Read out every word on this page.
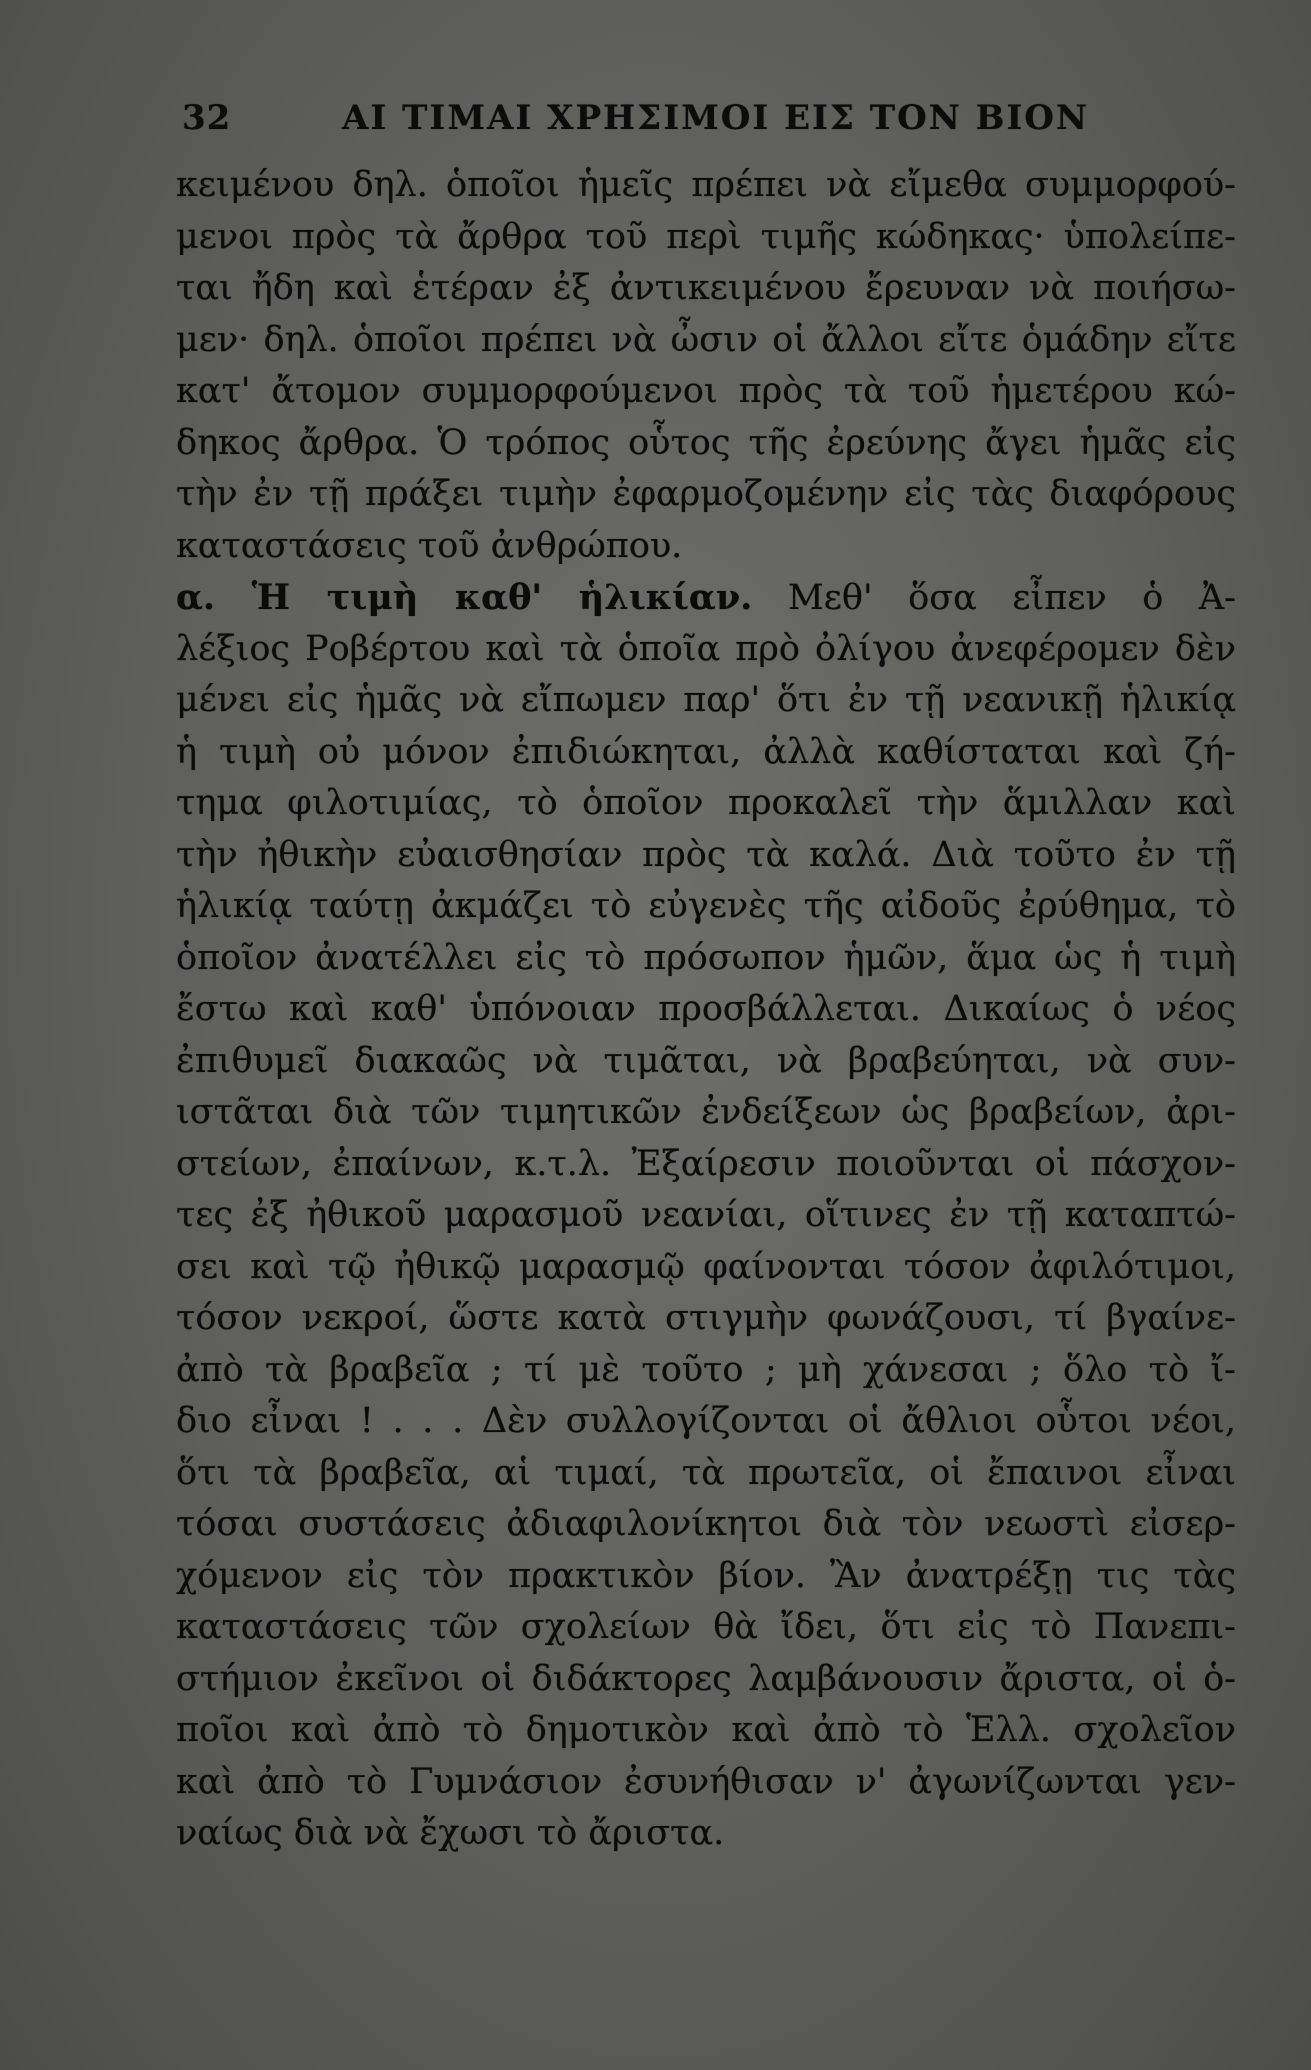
32	ΑΙ ΤΙΜΑΙ ΧΡΗΣΙΜΟΙ ΕΙΣ ΤΟΝ ΒΙΟΝ
κειμένου δηλ. ὁποῖοι ἡμεῖς πρέπει νὰ εἴμεθα συμμορφού-
μενοι πρὸς τὰ ἄρθρα τοῦ περὶ τιμῆς κώδηκας· ὑπολείπε-
ται ἤδη καὶ ἑτέραν ἐξ ἀντικειμένου ἔρευναν νὰ ποιήσω-
μεν· δηλ. ὁποῖοι πρέπει νὰ ὦσιν οἱ ἄλλοι εἴτε ὁμάδην εἴτε
κατ' ἄτομον συμμορφούμενοι πρὸς τὰ τοῦ ἡμετέρου κώ-
δηκος ἄρθρα. Ὁ τρόπος οὗτος τῆς ἐρεύνης ἄγει ἡμᾶς εἰς
τὴν ἐν τῇ πράξει τιμὴν ἐφαρμοζομένην εἰς τὰς διαφόρους
καταστάσεις τοῦ ἀνθρώπου.
α. Ἡ τιμὴ καθ' ἡλικίαν. Μεθ' ὅσα εἶπεν ὁ Ἀ-
λέξιος Ροβέρτου καὶ τὰ ὁποῖα πρὸ ὀλίγου ἀνεφέρομεν δὲν
μένει εἰς ἡμᾶς νὰ εἴπωμεν παρ' ὅτι ἐν τῇ νεανικῇ ἡλικίᾳ
ἡ τιμὴ οὐ μόνον ἐπιδιώκηται, ἀλλὰ καθίσταται καὶ ζή-
τημα φιλοτιμίας, τὸ ὁποῖον προκαλεῖ τὴν ἅμιλλαν καὶ
τὴν ἠθικὴν εὐαισθησίαν πρὸς τὰ καλά. Διὰ τοῦτο ἐν τῇ
ἡλικίᾳ ταύτῃ ἀκμάζει τὸ εὐγενὲς τῆς αἰδοῦς ἐρύθημα, τὸ
ὁποῖον ἀνατέλλει εἰς τὸ πρόσωπον ἡμῶν, ἅμα ὡς ἡ τιμὴ
ἔστω καὶ καθ' ὑπόνοιαν προσβάλλεται. Δικαίως ὁ νέος
ἐπιθυμεῖ διακαῶς νὰ τιμᾶται, νὰ βραβεύηται, νὰ συν-
ιστᾶται διὰ τῶν τιμητικῶν ἐνδείξεων ὡς βραβείων, ἀρι-
στείων, ἐπαίνων, κ.τ.λ. Ἐξαίρεσιν ποιοῦνται οἱ πάσχον-
τες ἐξ ἠθικοῦ μαρασμοῦ νεανίαι, οἵτινες ἐν τῇ καταπτώ-
σει καὶ τῷ ἠθικῷ μαρασμῷ φαίνονται τόσον ἀφιλότιμοι,
τόσον νεκροί, ὥστε κατὰ στιγμὴν φωνάζουσι, τί βγαίνε-
ἀπὸ τὰ βραβεῖα ; τί μὲ τοῦτο ; μὴ χάνεσαι ; ὅλο τὸ ἴ-
διο εἶναι ! . . . Δὲν συλλογίζονται οἱ ἄθλιοι οὗτοι νέοι,
ὅτι τὰ βραβεῖα, αἱ τιμαί, τὰ πρωτεῖα, οἱ ἔπαινοι εἶναι
τόσαι συστάσεις ἀδιαφιλονίκητοι διὰ τὸν νεωστὶ εἰσερ-
χόμενον εἰς τὸν πρακτικὸν βίον. Ἂν ἀνατρέξῃ τις τὰς
καταστάσεις τῶν σχολείων θὰ ἴδει, ὅτι εἰς τὸ Πανεπι-
στήμιον ἐκεῖνοι οἱ διδάκτορες λαμβάνουσιν ἄριστα, οἱ ὁ-
ποῖοι καὶ ἀπὸ τὸ δημοτικὸν καὶ ἀπὸ τὸ Ἑλλ. σχολεῖον
καὶ ἀπὸ τὸ Γυμνάσιον ἐσυνήθισαν ν' ἀγωνίζωνται γεν-
ναίως διὰ νὰ ἔχωσι τὸ ἄριστα.
